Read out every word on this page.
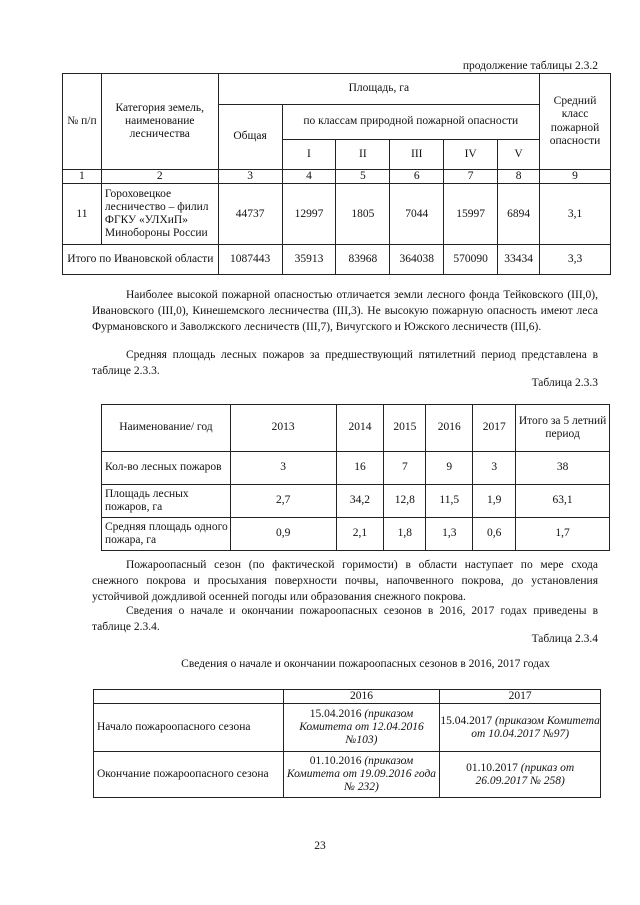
продолжение таблицы 2.3.2
№ п/п	Категория земель, наименование лесничества	Площадь, га						Средний класс пожарной опасности
		Общая	по классам природной пожарной опасности					
			I	II	III	IV	V	
1	2	3	4	5	6	7	8	9
11	Гороховецкое лесничество – филил ФГКУ «УЛХиП» Минобороны России	44737	12997	1805	7044	15997	6894	3,1
Итого по Ивановской области		1087443	35913	83968	364038	570090	33434	3,3
Наиболее высокой пожарной опасностью отличается земли лесного фонда Тейковского (III,0), Ивановского (III,0), Кинешемского лесничества (III,3). Не высокую пожарную опасность имеют леса Фурмановского и Заволжского лесничеств (III,7), Вичугского и Южского лесничеств (III,6).
Средняя площадь лесных пожаров за предшествующий пятилетний период представлена в таблице 2.3.3.
Таблица 2.3.3
Наименование/ год	2013	2014	2015	2016	2017	Итого за 5 летний период
Кол-во лесных пожаров	3	16	7	9	3	38
Площадь лесных пожаров, га	2,7	34,2	12,8	11,5	1,9	63,1
Средняя площадь одного пожара, га	0,9	2,1	1,8	1,3	0,6	1,7
Пожароопасный сезон (по фактической горимости) в области наступает по мере схода снежного покрова и просыхания поверхности почвы, напочвенного покрова, до установления устойчивой дождливой осенней погоды или образования снежного покрова.
Сведения о начале и окончании пожароопасных сезонов в 2016, 2017 годах приведены в таблице 2.3.4.
Таблица 2.3.4
Сведения о начале и окончании пожароопасных сезонов в 2016, 2017 годах
	2016	2017
Начало пожароопасного сезона	15.04.2016 (приказом Комитета от 12.04.2016 №103)	15.04.2017 (приказом Комитета от 10.04.2017 №97)
Окончание пожароопасного сезона	01.10.2016 (приказом Комитета от 19.09.2016 года № 232)	01.10.2017 (приказ от 26.09.2017 № 258)
23
